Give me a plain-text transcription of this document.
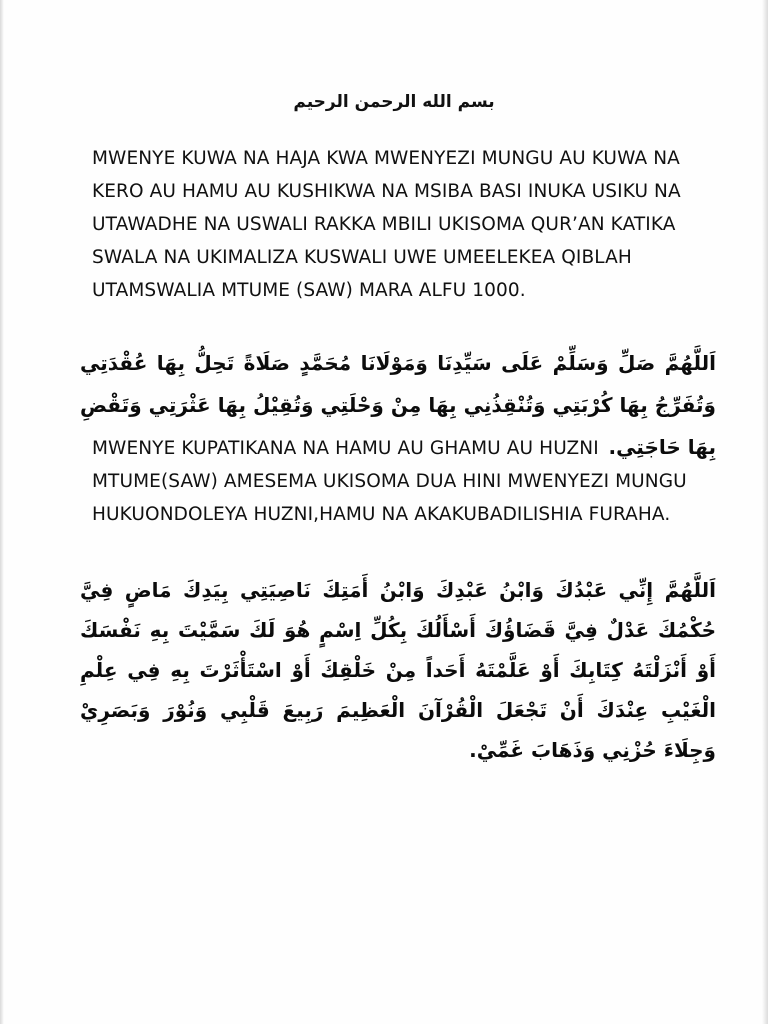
بسم الله الرحمن الرحيم

MWENYE KUWA NA HAJA KWA MWENYEZI MUNGU AU KUWA NA KERO AU HAMU AU KUSHIKWA NA MSIBA BASI INUKA USIKU NA UTAWADHE NA USWALI RAKKA MBILI UKISOMA QUR’AN KATIKA SWALA NA UKIMALIZA KUSWALI UWE UMEELEKEA QIBLAH UTAMSWALIA MTUME (SAW) MARA ALFU 1000.

اَللَّهُمَّ صَلِّ وَسَلِّمْ عَلَى سَيِّدِنَا وَمَوْلَانَا مُحَمَّدٍ صَلَاةً تَحِلُّ بِهَا عُقْدَتِي وَتُفَرِّجُ بِهَا كُرْبَتِي وَتُنْقِذُنِي بِهَا مِنْ وَحْلَتِي وَتُقِيْلُ بِهَا عَثْرَتِي وَتَقْضِ بِهَا حَاجَتِي.

MWENYE KUPATIKANA NA HAMU AU GHAMU AU HUZNI MTUME(SAW) AMESEMA UKISOMA DUA HINI MWENYEZI MUNGU HUKUONDOLEYA HUZNI,HAMU NA AKAKUBADILISHIA FURAHA.

اَللَّهُمَّ إِنِّي عَبْدُكَ وَابْنُ عَبْدِكَ وَابْنُ أَمَتِكَ نَاصِيَتِي بِيَدِكَ مَاضٍ فِيَّ حُكْمُكَ عَدْلٌ فِيَّ قَضَاؤُكَ أَسْأَلُكَ بِكُلِّ اِسْمٍ هُوَ لَكَ سَمَّيْتَ بِهِ نَفْسَكَ أَوْ أَنْزَلْتَهُ كِتَابِكَ أَوْ عَلَّمْتَهُ أَحَداً مِنْ خَلْقِكَ أَوْ اسْتَأْثَرْتَ بِهِ فِي عِلْمِ الْغَيْبِ عِنْدَكَ أَنْ تَجْعَلَ الْقُرْآنَ الْعَظِيمَ رَبِيعَ قَلْبِي وَنُوْرَ وَبَصَرِيْ وَجِلَاءَ حُزْنِي وَذَهَابَ غَمِّيْ.
